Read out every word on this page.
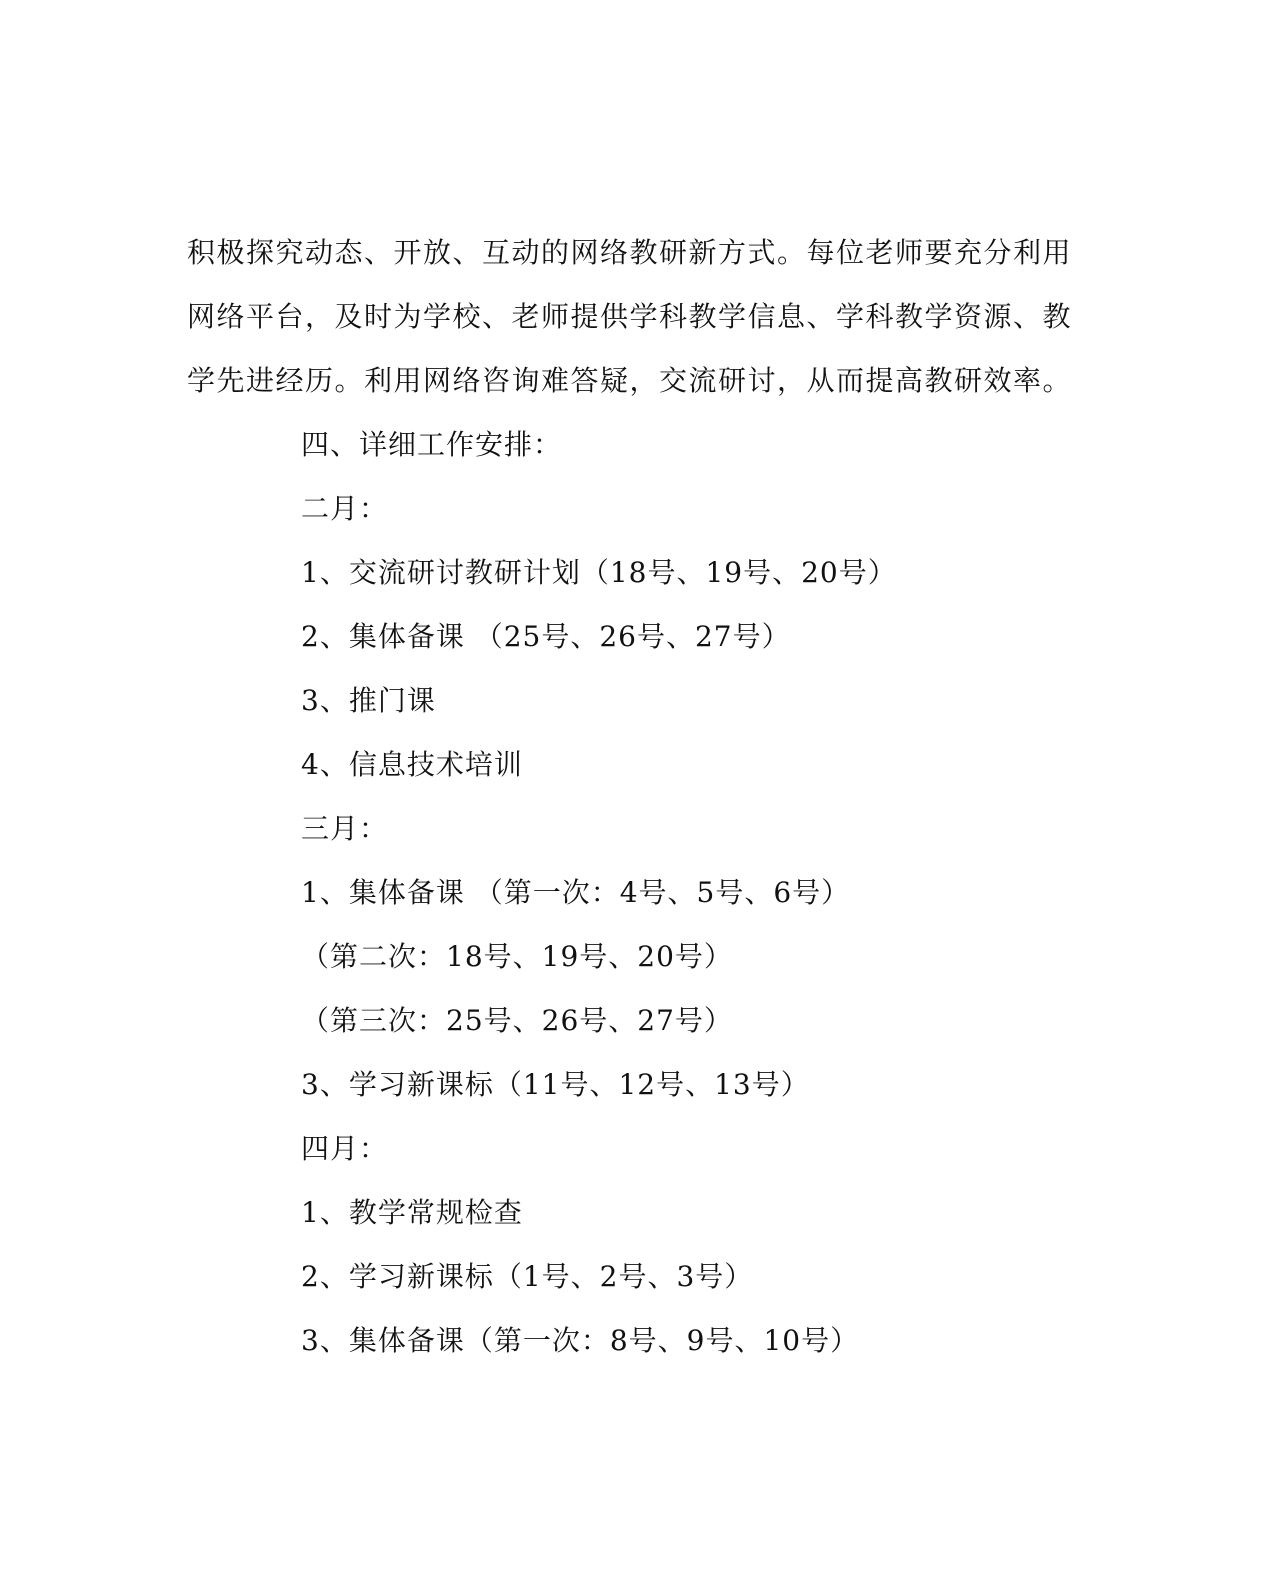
积极探究动态、开放、互动的网络教研新方式。每位老师要充分利用
网络平台，及时为学校、老师提供学科教学信息、学科教学资源、教
学先进经历。利用网络咨询难答疑，交流研讨，从而提高教研效率。
四、详细工作安排：
二月：
1、交流研讨教研计划（18号、19号、20号）
2、集体备课 （25号、26号、27号）
3、推门课
4、信息技术培训
三月：
1、集体备课 （第一次：4号、5号、6号）
（第二次：18号、19号、20号）
（第三次：25号、26号、27号）
3、学习新课标（11号、12号、13号）
四月：
1、教学常规检查
2、学习新课标（1号、2号、3号）
3、集体备课（第一次：8号、9号、10号）
